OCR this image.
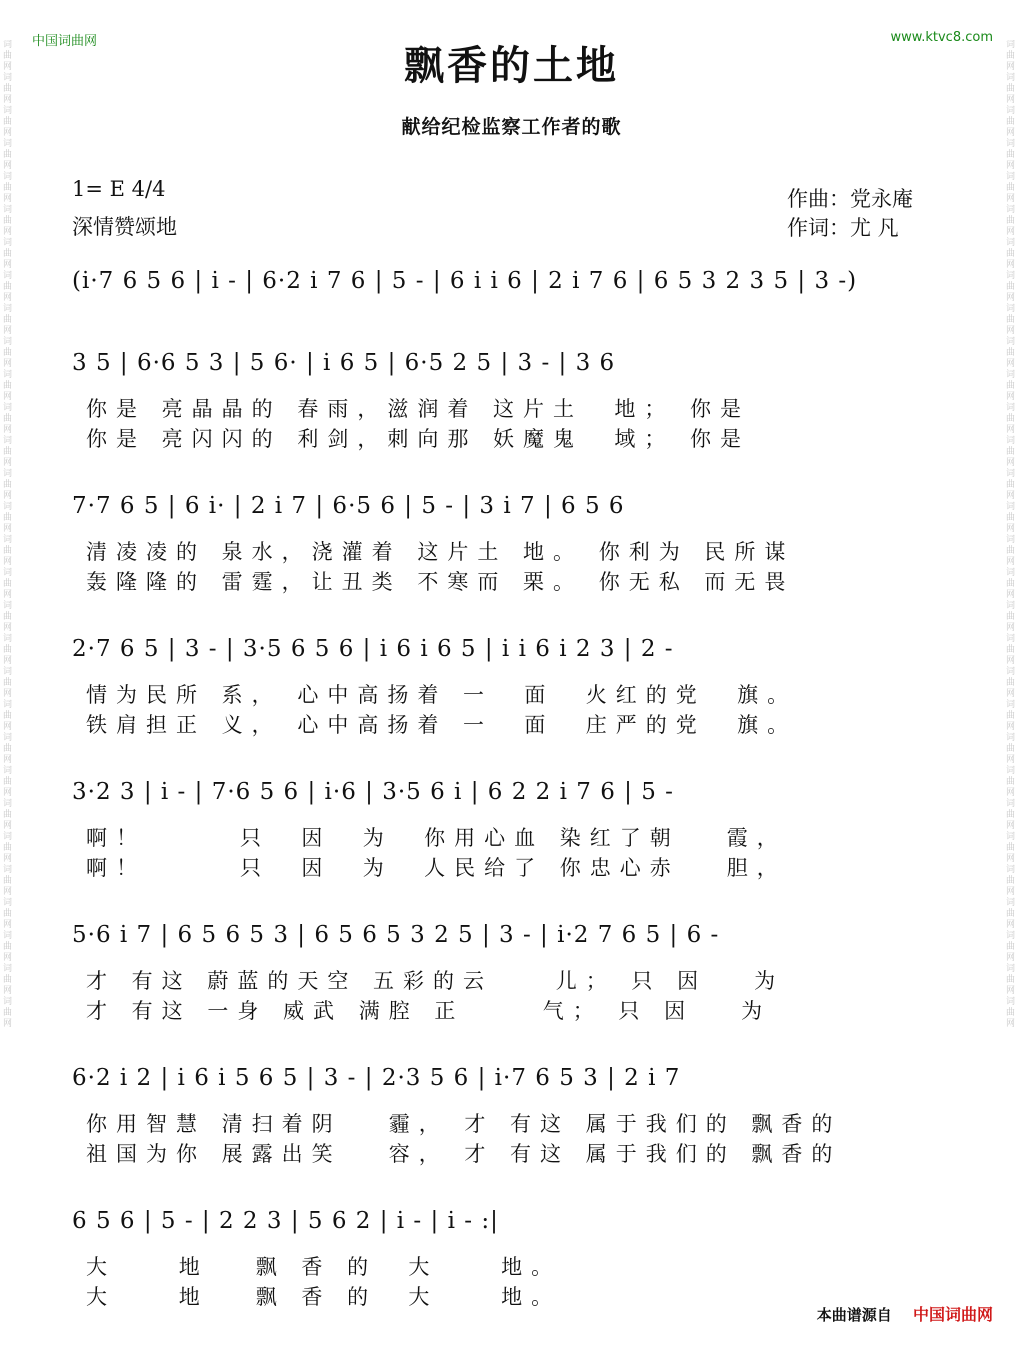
中国词曲网	www.ktvc8.com
词曲网 词曲网 词曲网 词曲网 词曲网 词曲网 词曲网 词曲网 词曲网 词曲网 词曲网 词曲网 词曲网 词曲网 词曲网 词曲网 词曲网 词曲网 词曲网 词曲网 词曲网 词曲网 词曲网 词曲网 词曲网 词曲网 词曲网 词曲网 词曲网 词曲网
词曲网 词曲网 词曲网 词曲网 词曲网 词曲网 词曲网 词曲网 词曲网 词曲网 词曲网 词曲网 词曲网 词曲网 词曲网 词曲网 词曲网 词曲网 词曲网 词曲网 词曲网 词曲网 词曲网 词曲网 词曲网 词曲网 词曲网 词曲网 词曲网 词曲网
飘香的土地
献给纪检监察工作者的歌
1= E 4/4
深情赞颂地
作曲：党永庵
作词：尤 凡
(i·7 6 5 6 | i - | 6·2 i 7 6 | 5 - | 6 i i 6 | 2 i 7 6 | 6 5 3 2 3 5 | 3 -)
3 5 | 6·6 5 3 | 5 6· | i 6 5 | 6·5 2 5 | 3 - | 3 6
你是 亮晶晶的 春雨，滋润着 这片土  地； 你是
你是 亮闪闪的 利剑，刺向那 妖魔鬼  域； 你是
7·7 6 5 | 6 i· | 2 i 7 | 6·5 6 | 5 - | 3 i 7 | 6 5 6
清凌凌的 泉水，浇灌着 这片土 地。 你利为 民所谋
轰隆隆的 雷霆，让丑类 不寒而 栗。 你无私 而无畏
2·7 6 5 | 3 - | 3·5 6 5 6 | i 6 i 6 5 | i i 6 i 2 3 | 2 -
情为民所 系， 心中高扬着 一  面  火红的党  旗。
铁肩担正 义， 心中高扬着 一  面  庄严的党  旗。
3·2 3 | i - | 7·6 5 6 | i·6 | 3·5 6 i | 6 2 2 i 7 6 | 5 -
啊！      只  因  为  你用心血 染红了朝   霞，
啊！      只  因  为  人民给了 你忠心赤   胆，
5·6 i 7 | 6 5 6 5 3 | 6 5 6 5 3 2 5 | 3 - | i·2 7 6 5 | 6 -
才 有这 蔚蓝的天空 五彩的云    儿； 只 因   为
才 有这 一身 威武 满腔 正     气； 只 因   为
6·2 i 2 | i 6 i 5 6 5 | 3 - | 2·3 5 6 | i·7 6 5 3 | 2 i 7
你用智慧 清扫着阴   霾， 才 有这 属于我们的 飘香的
祖国为你 展露出笑   容， 才 有这 属于我们的 飘香的
6 5 6 | 5 - | 2 2 3 | 5 6 2 | i - | i - :|
大    地   飘 香 的  大    地。
大    地   飘 香 的  大    地。
本曲谱源自 中国词曲网
